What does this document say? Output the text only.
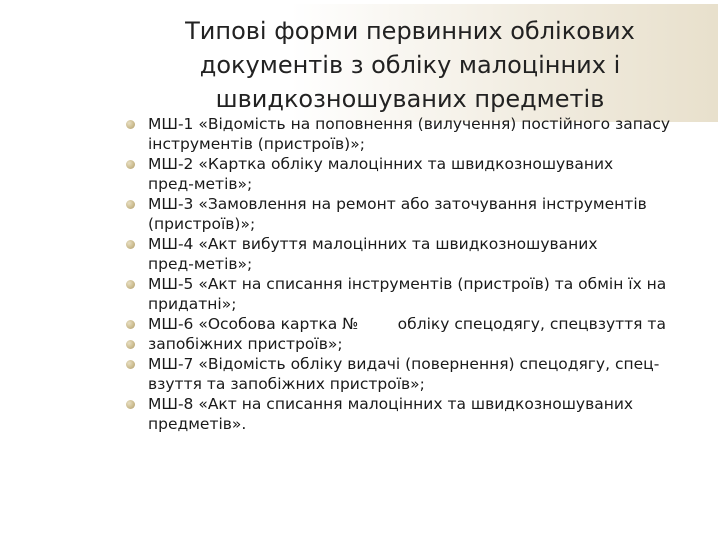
Типові форми первинних облікових
документів з обліку малоцінних і
швидкозношуваних предметів
МШ-1 «Відомість на поповнення (вилучення) постійного запасу
інструментів (пристроїв)»;
МШ-2 «Картка обліку малоцінних та швидкозношуваних
пред-метів»;
МШ-3 «Замовлення на ремонт або заточування інструментів
(пристроїв)»;
МШ-4 «Акт вибуття малоцінних та швидкозношуваних
пред-метів»;
МШ-5 «Акт на списання інструментів (пристроїв) та обмін їх на
придатні»;
МШ-6 «Особова картка №        обліку спецодягу, спецвзуття та
запобіжних пристроїв»;
МШ-7 «Відомість обліку видачі (повернення) спецодягу, спец-
взуття та запобіжних пристроїв»;
МШ-8 «Акт на списання малоцінних та швидкозношуваних
предметів».
